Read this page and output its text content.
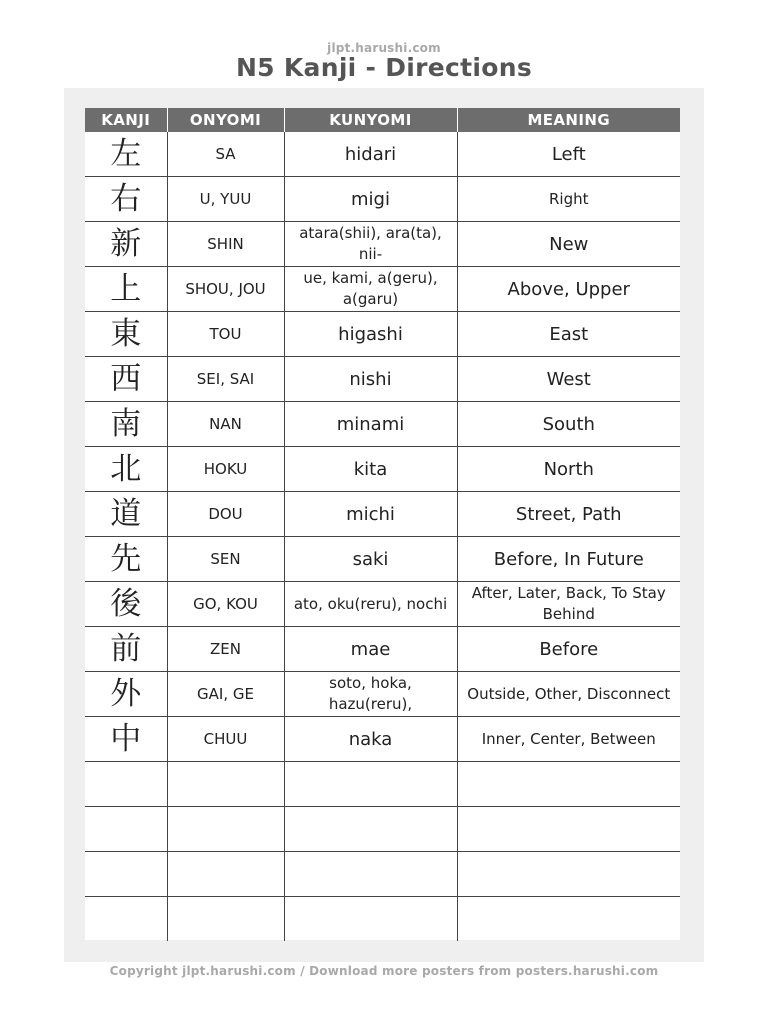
jlpt.harushi.com
N5 Kanji - Directions
KANJI	ONYOMI	KUNYOMI	MEANING
左	SA	hidari	Left
右	U, YUU	migi	Right
新	SHIN	atara(shii), ara(ta), nii-	New
上	SHOU, JOU	ue, kami, a(geru), a(garu)	Above, Upper
東	TOU	higashi	East
西	SEI, SAI	nishi	West
南	NAN	minami	South
北	HOKU	kita	North
道	DOU	michi	Street, Path
先	SEN	saki	Before, In Future
後	GO, KOU	ato, oku(reru), nochi	After, Later, Back, To Stay Behind
前	ZEN	mae	Before
外	GAI, GE	soto, hoka, hazu(reru),	Outside, Other, Disconnect
中	CHUU	naka	Inner, Center, Between

Copyright jlpt.harushi.com / Download more posters from posters.harushi.com
